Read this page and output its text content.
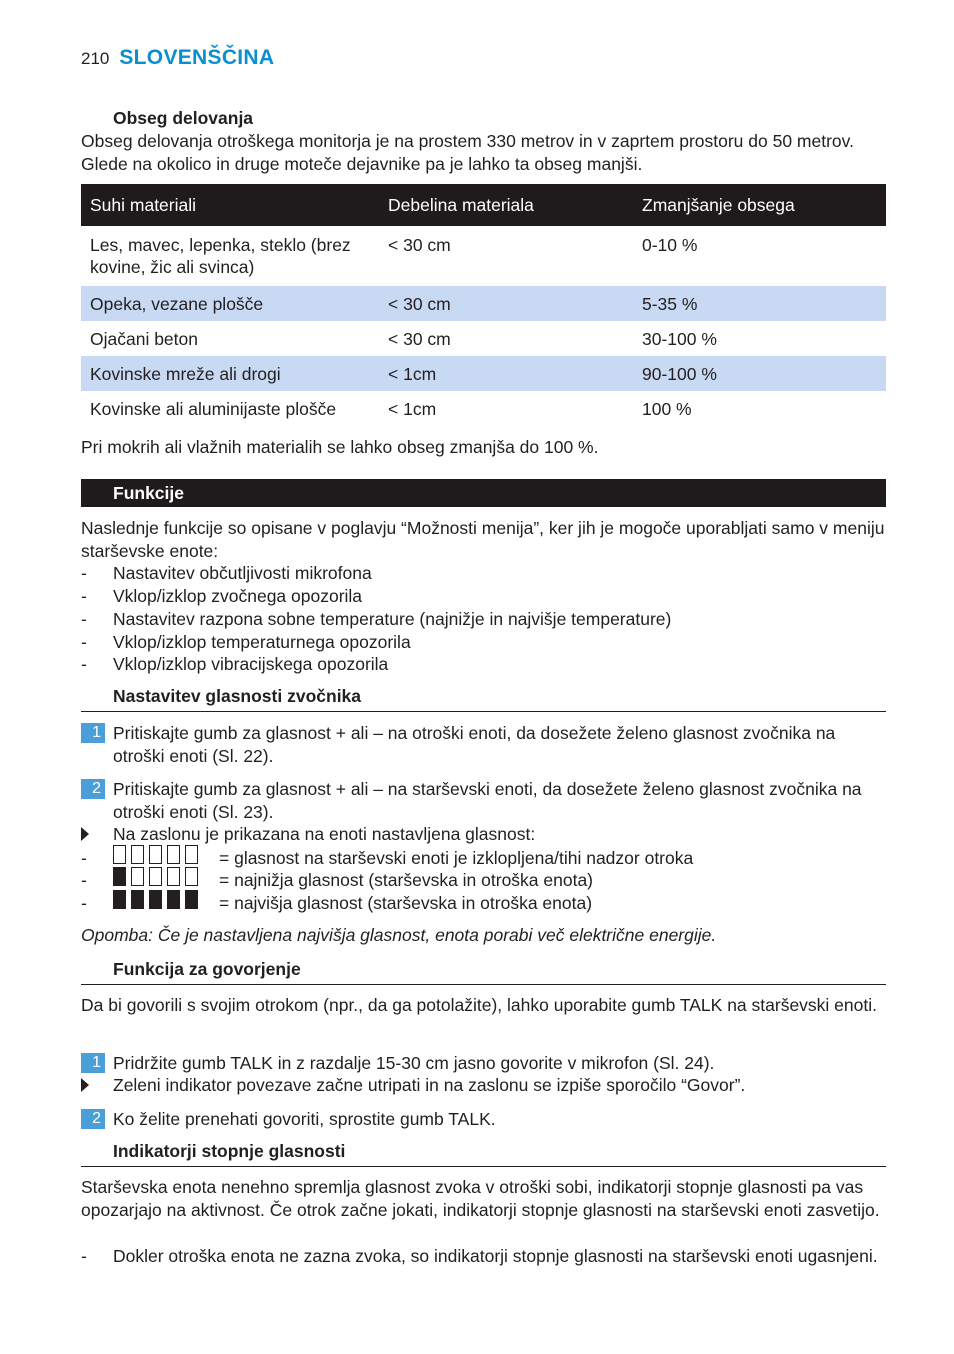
210 SLOVENŠČINA
Obseg delovanja

Obseg delovanja otroškega monitorja je na prostem 330 metrov in v zaprtem prostoru do 50 metrov. Glede na okolico in druge moteče dejavnike pa je lahko ta obseg manjši.

Suhi materiali	Debelina materiala	Zmanjšanje obsega
Les, mavec, lepenka, steklo (brez kovine, žic ali svinca)	< 30 cm	0-10 %
Opeka, vezane plošče	< 30 cm	5-35 %
Ojačani beton	< 30 cm	30-100 %
Kovinske mreže ali drogi	< 1cm	90-100 %
Kovinske ali aluminijaste plošče	< 1cm	100 %

Pri mokrih ali vlažnih materialih se lahko obseg zmanjša do 100 %.

Funkcije

Naslednje funkcije so opisane v poglavju “Možnosti menija”, ker jih je mogoče uporabljati samo v meniju starševske enote:

- Nastavitev občutljivosti mikrofona
- Vklop/izklop zvočnega opozorila
- Nastavitev razpona sobne temperature (najnižje in najvišje temperature)
- Vklop/izklop temperaturnega opozorila
- Vklop/izklop vibracijskega opozorila
Nastavitev glasnosti zvočnika
1 Pritiskajte gumb za glasnost + ali – na otroški enoti, da dosežete želeno glasnost zvočnika na otroški enoti (Sl. 22).
2 Pritiskajte gumb za glasnost + ali – na starševski enoti, da dosežete želeno glasnost zvočnika na otroški enoti (Sl. 23).
Na zaslonu je prikazana na enoti nastavljena glasnost:
-	= glasnost na starševski enoti je izklopljena/tihi nadzor otroka
-	= najnižja glasnost (starševska in otroška enota)
-	= najvišja glasnost (starševska in otroška enota)
Opomba: Če je nastavljena najvišja glasnost, enota porabi več električne energije.
Funkcija za govorjenje

Da bi govorili s svojim otrokom (npr., da ga potolažite), lahko uporabite gumb TALK na starševski enoti.

1 Pridržite gumb TALK in z razdalje 15-30 cm jasno govorite v mikrofon (Sl. 24).
Zeleni indikator povezave začne utripati in na zaslonu se izpiše sporočilo “Govor”.
2 Ko želite prenehati govoriti, sprostite gumb TALK.
Indikatorji stopnje glasnosti

Starševska enota nenehno spremlja glasnost zvoka v otroški sobi, indikatorji stopnje glasnosti pa vas opozarjajo na aktivnost. Če otrok začne jokati, indikatorji stopnje glasnosti na starševski enoti zasvetijo.

- Dokler otroška enota ne zazna zvoka, so indikatorji stopnje glasnosti na starševski enoti ugasnjeni.
